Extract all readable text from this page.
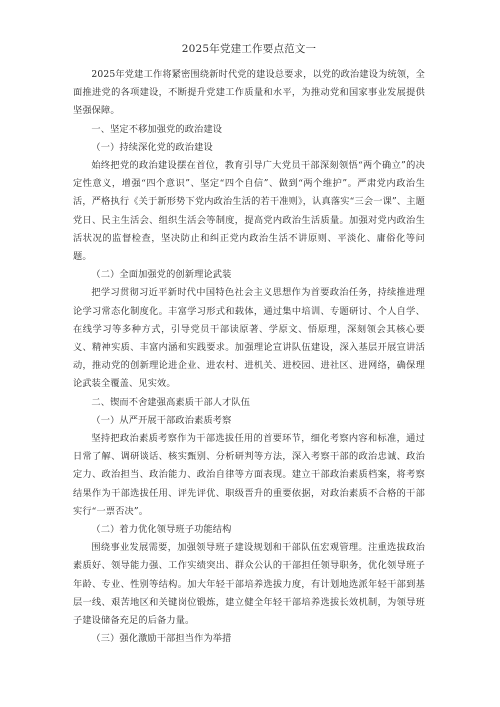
2025年党建工作要点范文一

2025年党建工作将紧密围绕新时代党的建设总要求，以党的政治建设为统领，全面推进党的各项建设，不断提升党建工作质量和水平，为推动党和国家事业发展提供坚强保障。

一、坚定不移加强党的政治建设

（一）持续深化党的政治建设

始终把党的政治建设摆在首位，教育引导广大党员干部深刻领悟“两个确立”的决定性意义，增强“四个意识”、坚定“四个自信”、做到“两个维护”。严肃党内政治生活，严格执行《关于新形势下党内政治生活的若干准则》，认真落实“三会一课”、主题党日、民主生活会、组织生活会等制度，提高党内政治生活质量。加强对党内政治生活状况的监督检查，坚决防止和纠正党内政治生活不讲原则、平淡化、庸俗化等问题。

（二）全面加强党的创新理论武装

把学习贯彻习近平新时代中国特色社会主义思想作为首要政治任务，持续推进理论学习常态化制度化。丰富学习形式和载体，通过集中培训、专题研讨、个人自学、在线学习等多种方式，引导党员干部读原著、学原文、悟原理，深刻领会其核心要义、精神实质、丰富内涵和实践要求。加强理论宣讲队伍建设，深入基层开展宣讲活动，推动党的创新理论进企业、进农村、进机关、进校园、进社区、进网络，确保理论武装全覆盖、见实效。

二、锲而不舍建强高素质干部人才队伍

（一）从严开展干部政治素质考察

坚持把政治素质考察作为干部选拔任用的首要环节，细化考察内容和标准，通过日常了解、调研谈话、核实甄别、分析研判等方法，深入考察干部的政治忠诚、政治定力、政治担当、政治能力、政治自律等方面表现。建立干部政治素质档案，将考察结果作为干部选拔任用、评先评优、职级晋升的重要依据，对政治素质不合格的干部实行“一票否决”。

（二）着力优化领导班子功能结构

围绕事业发展需要，加强领导班子建设规划和干部队伍宏观管理。注重选拔政治素质好、领导能力强、工作实绩突出、群众公认的干部担任领导职务，优化领导班子年龄、专业、性别等结构。加大年轻干部培养选拔力度，有计划地选派年轻干部到基层一线、艰苦地区和关键岗位锻炼，建立健全年轻干部培养选拔长效机制，为领导班子建设储备充足的后备力量。

（三）强化激励干部担当作为举措
